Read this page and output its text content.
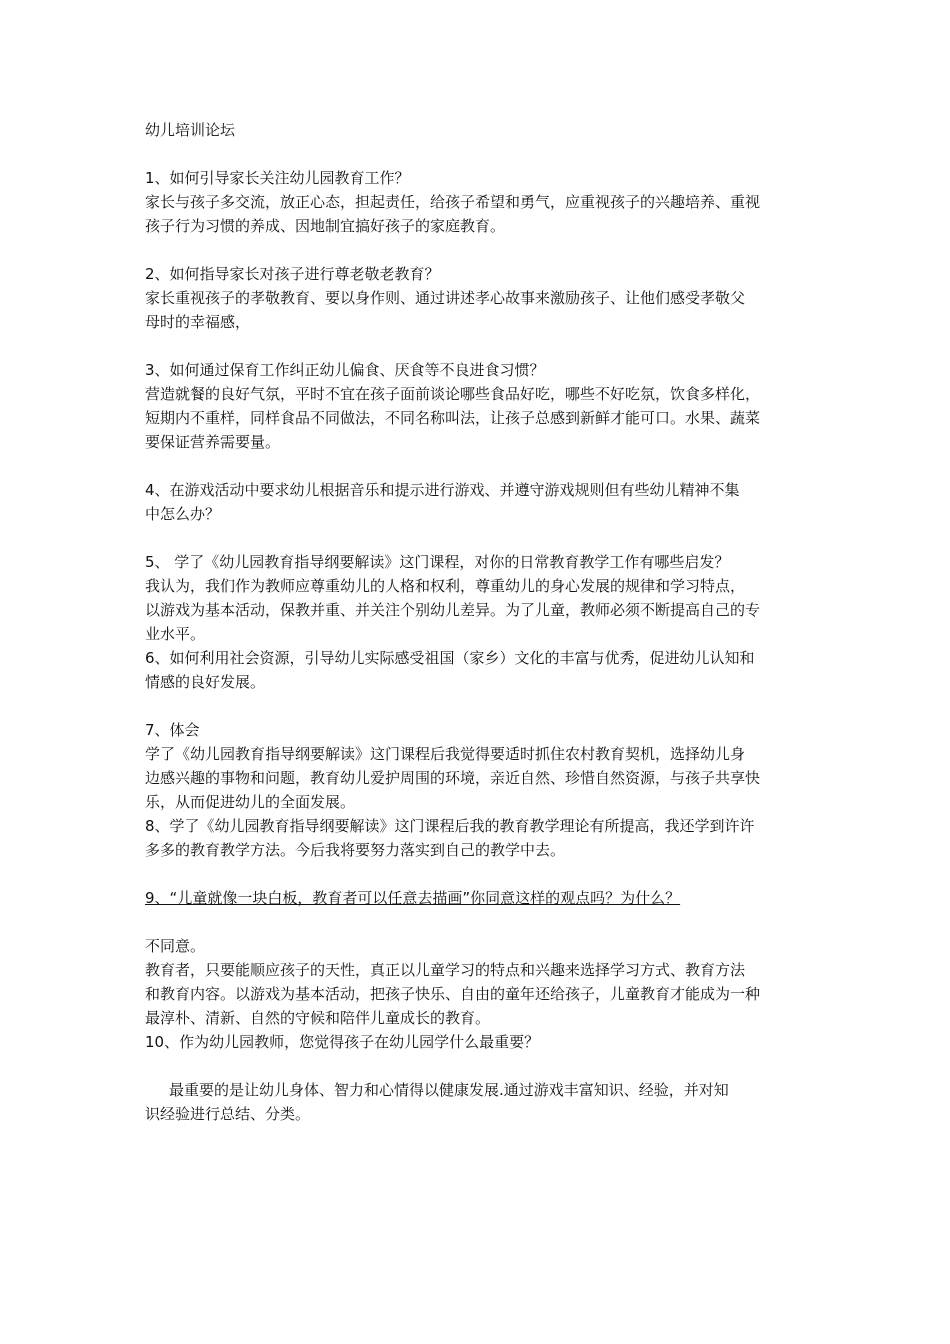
幼儿培训论坛
1、如何引导家长关注幼儿园教育工作？
家长与孩子多交流，放正心态，担起责任，给孩子希望和勇气，应重视孩子的兴趣培养、重视
孩子行为习惯的养成、因地制宜搞好孩子的家庭教育。
2、如何指导家长对孩子进行尊老敬老教育？
家长重视孩子的孝敬教育、要以身作则、通过讲述孝心故事来激励孩子、让他们感受孝敬父
母时的幸福感，
3、如何通过保育工作纠正幼儿偏食、厌食等不良进食习惯？
营造就餐的良好气氛，平时不宜在孩子面前谈论哪些食品好吃，哪些不好吃氛，饮食多样化，
短期内不重样，同样食品不同做法，不同名称叫法，让孩子总感到新鲜才能可口。水果、蔬菜
要保证营养需要量。
4、在游戏活动中要求幼儿根据音乐和提示进行游戏、并遵守游戏规则但有些幼儿精神不集
中怎么办？
5、 学了《幼儿园教育指导纲要解读》这门课程，对你的日常教育教学工作有哪些启发？
我认为，我们作为教师应尊重幼儿的人格和权利，尊重幼儿的身心发展的规律和学习特点，
以游戏为基本活动，保教并重、并关注个别幼儿差异。为了儿童，教师必须不断提高自己的专
业水平。
6、如何利用社会资源，引导幼儿实际感受祖国（家乡）文化的丰富与优秀，促进幼儿认知和
情感的良好发展。
7、体会
学了《幼儿园教育指导纲要解读》这门课程后我觉得要适时抓住农村教育契机，选择幼儿身
边感兴趣的事物和问题，教育幼儿爱护周围的环境，亲近自然、珍惜自然资源，与孩子共享快
乐，从而促进幼儿的全面发展。
8、学了《幼儿园教育指导纲要解读》这门课程后我的教育教学理论有所提高，我还学到许许
多多的教育教学方法。今后我将要努力落实到自己的教学中去。
9、“儿童就像一块白板，教育者可以任意去描画”你同意这样的观点吗？为什么？
不同意。
教育者，只要能顺应孩子的天性，真正以儿童学习的特点和兴趣来选择学习方式、教育方法
和教育内容。以游戏为基本活动，把孩子快乐、自由的童年还给孩子，儿童教育才能成为一种
最淳朴、清新、自然的守候和陪伴儿童成长的教育。
10、作为幼儿园教师，您觉得孩子在幼儿园学什么最重要？
最重要的是让幼儿身体、智力和心情得以健康发展.通过游戏丰富知识、经验，并对知
识经验进行总结、分类。
